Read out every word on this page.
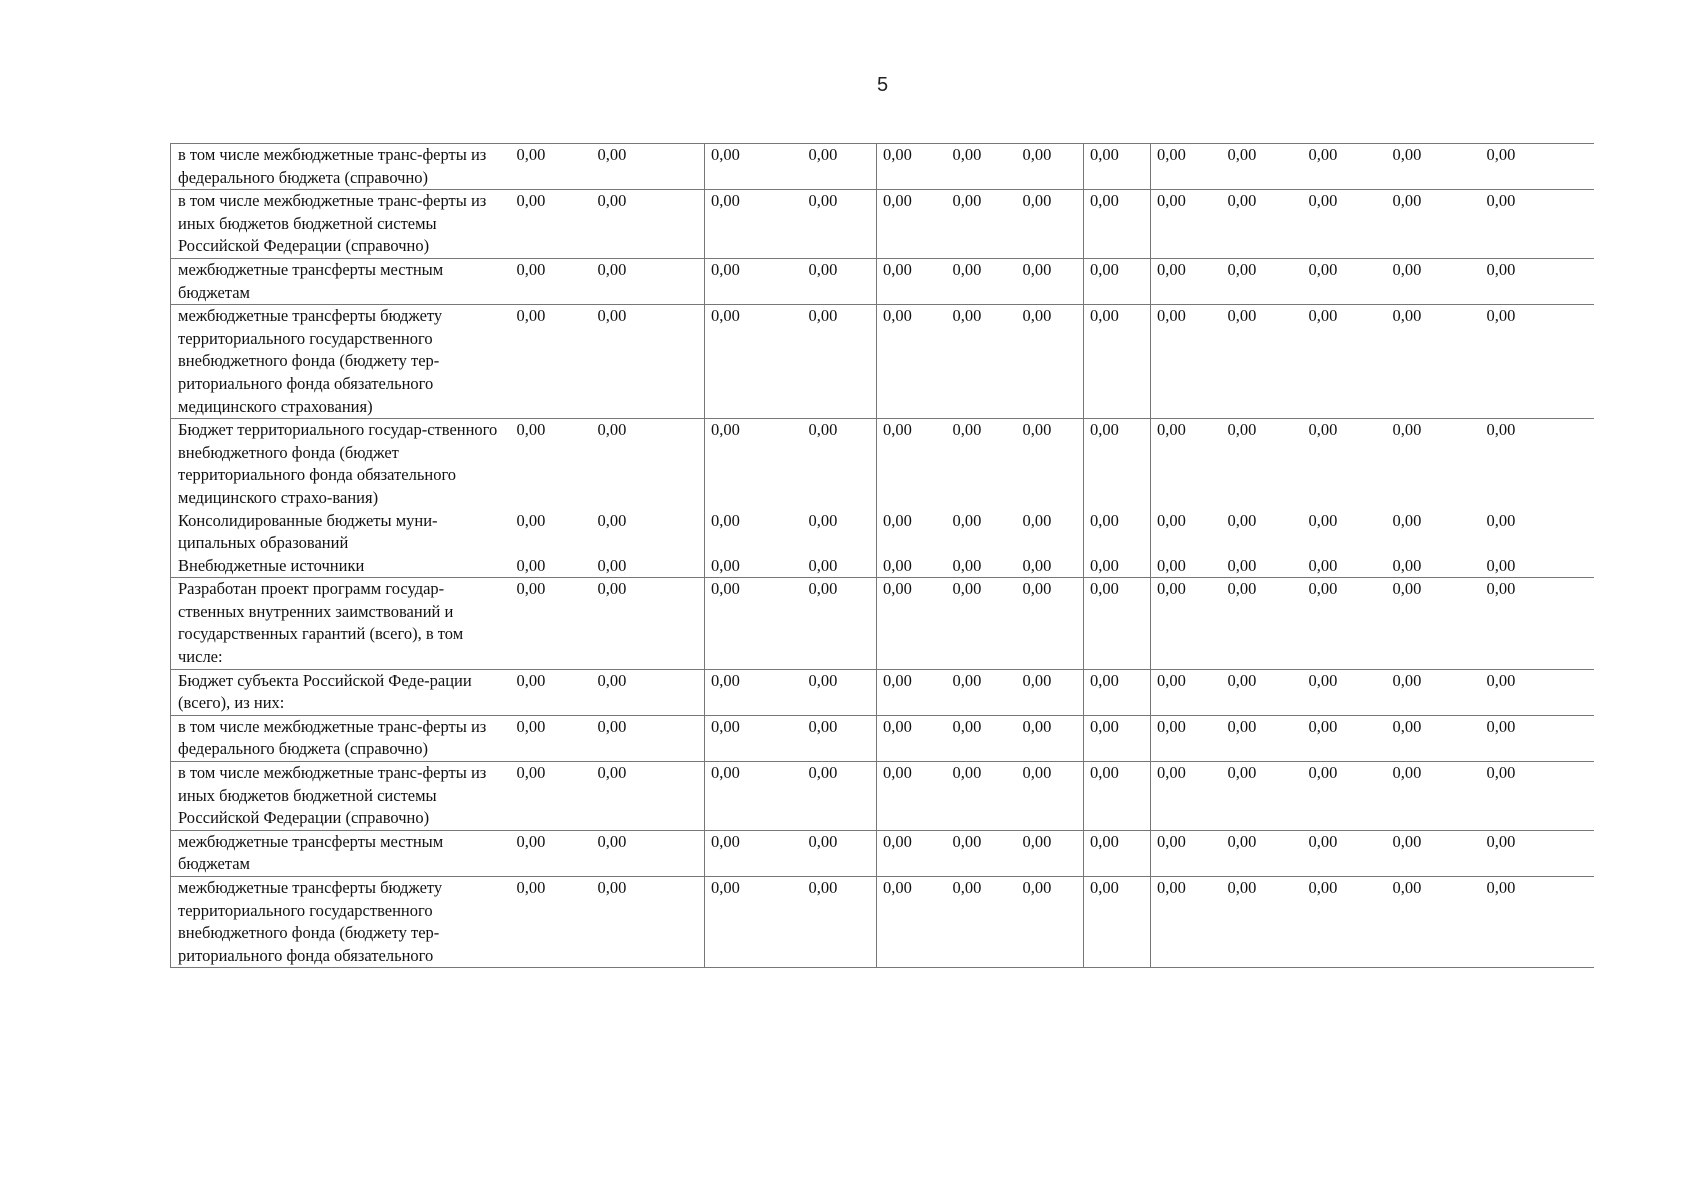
5
в том числе межбюджетные транс-ферты из федерального бюджета (справочно)	0,00	0,00	0,00	0,00	0,00	0,00	0,00	0,00	0,00	0,00	0,00	0,00	0,00
в том числе межбюджетные транс-ферты из иных бюджетов бюджетной системы Российской Федерации (справочно)	0,00	0,00	0,00	0,00	0,00	0,00	0,00	0,00	0,00	0,00	0,00	0,00	0,00
межбюджетные трансферты местным бюджетам	0,00	0,00	0,00	0,00	0,00	0,00	0,00	0,00	0,00	0,00	0,00	0,00	0,00
межбюджетные трансферты бюджету территориального государственного внебюджетного фонда (бюджету тер-риториального фонда обязательного медицинского страхования)	0,00	0,00	0,00	0,00	0,00	0,00	0,00	0,00	0,00	0,00	0,00	0,00	0,00
Бюджет территориального государ-ственного внебюджетного фонда (бюджет территориального фонда обязательного медицинского страхо-вания)	0,00	0,00	0,00	0,00	0,00	0,00	0,00	0,00	0,00	0,00	0,00	0,00	0,00
Консолидированные бюджеты муни-ципальных образований	0,00	0,00	0,00	0,00	0,00	0,00	0,00	0,00	0,00	0,00	0,00	0,00	0,00
Внебюджетные источники	0,00	0,00	0,00	0,00	0,00	0,00	0,00	0,00	0,00	0,00	0,00	0,00	0,00
Разработан проект программ государ-ственных внутренних заимствований и государственных гарантий (всего), в том числе:	0,00	0,00	0,00	0,00	0,00	0,00	0,00	0,00	0,00	0,00	0,00	0,00	0,00
Бюджет субъекта Российской Феде-рации (всего), из них:	0,00	0,00	0,00	0,00	0,00	0,00	0,00	0,00	0,00	0,00	0,00	0,00	0,00
в том числе межбюджетные транс-ферты из федерального бюджета (справочно)	0,00	0,00	0,00	0,00	0,00	0,00	0,00	0,00	0,00	0,00	0,00	0,00	0,00
в том числе межбюджетные транс-ферты из иных бюджетов бюджетной системы Российской Федерации (справочно)	0,00	0,00	0,00	0,00	0,00	0,00	0,00	0,00	0,00	0,00	0,00	0,00	0,00
межбюджетные трансферты местным бюджетам	0,00	0,00	0,00	0,00	0,00	0,00	0,00	0,00	0,00	0,00	0,00	0,00	0,00
межбюджетные трансферты бюджету территориального государственного внебюджетного фонда (бюджету тер-риториального фонда обязательного	0,00	0,00	0,00	0,00	0,00	0,00	0,00	0,00	0,00	0,00	0,00	0,00	0,00
